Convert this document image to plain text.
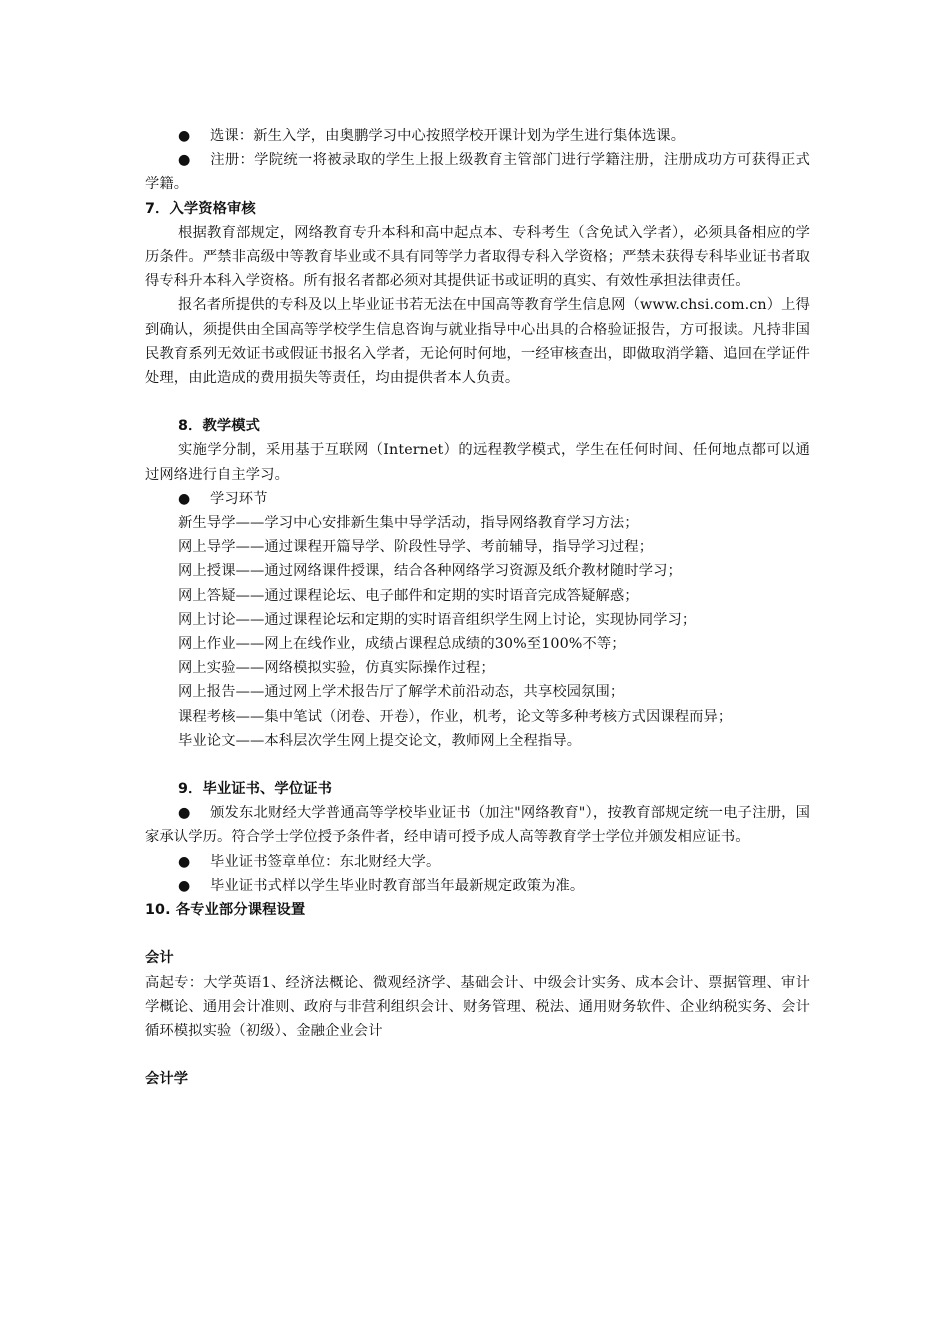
● 选课：新生入学，由奥鹏学习中心按照学校开课计划为学生进行集体选课。

● 注册：学院统一将被录取的学生上报上级教育主管部门进行学籍注册，注册成功方可获得正式学籍。

7．入学资格审核

根据教育部规定，网络教育专升本科和高中起点本、专科考生（含免试入学者），必须具备相应的学历条件。严禁非高级中等教育毕业或不具有同等学力者取得专科入学资格；严禁未获得专科毕业证书者取得专科升本科入学资格。所有报名者都必须对其提供证书或证明的真实、有效性承担法律责任。

报名者所提供的专科及以上毕业证书若无法在中国高等教育学生信息网（www.chsi.com.cn）上得到确认，须提供由全国高等学校学生信息咨询与就业指导中心出具的合格验证报告，方可报读。凡持非国民教育系列无效证书或假证书报名入学者，无论何时何地，一经审核查出，即做取消学籍、追回在学证件处理，由此造成的费用损失等责任，均由提供者本人负责。

8．教学模式

实施学分制，采用基于互联网（Internet）的远程教学模式，学生在任何时间、任何地点都可以通过网络进行自主学习。

● 学习环节

新生导学——学习中心安排新生集中导学活动，指导网络教育学习方法；

网上导学——通过课程开篇导学、阶段性导学、考前辅导，指导学习过程；

网上授课——通过网络课件授课，结合各种网络学习资源及纸介教材随时学习；

网上答疑——通过课程论坛、电子邮件和定期的实时语音完成答疑解惑；

网上讨论——通过课程论坛和定期的实时语音组织学生网上讨论，实现协同学习；

网上作业——网上在线作业，成绩占课程总成绩的30%至100%不等；

网上实验——网络模拟实验，仿真实际操作过程；

网上报告——通过网上学术报告厅了解学术前沿动态，共享校园氛围；

课程考核——集中笔试（闭卷、开卷），作业，机考，论文等多种考核方式因课程而异；

毕业论文——本科层次学生网上提交论文，教师网上全程指导。

9．毕业证书、学位证书

● 颁发东北财经大学普通高等学校毕业证书（加注"网络教育"），按教育部规定统一电子注册，国家承认学历。符合学士学位授予条件者，经申请可授予成人高等教育学士学位并颁发相应证书。

● 毕业证书签章单位：东北财经大学。

● 毕业证书式样以学生毕业时教育部当年最新规定政策为准。

10. 各专业部分课程设置

会计

高起专：大学英语1、经济法概论、微观经济学、基础会计、中级会计实务、成本会计、票据管理、审计学概论、通用会计准则、政府与非营利组织会计、财务管理、税法、通用财务软件、企业纳税实务、会计循环模拟实验（初级）、金融企业会计

会计学
